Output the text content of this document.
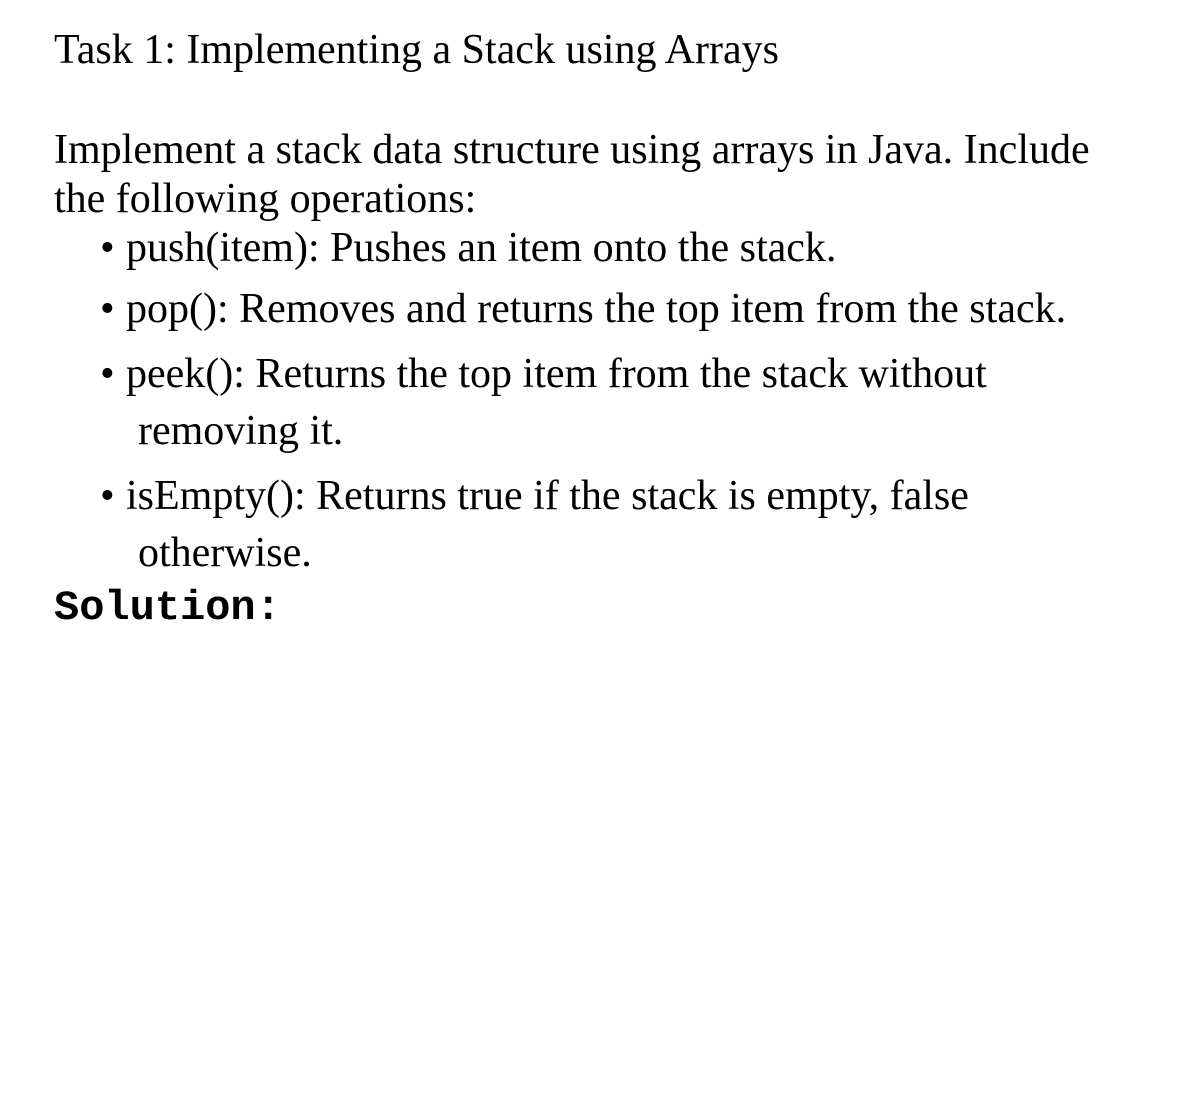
Task 1: Implementing a Stack using Arrays

Implement a stack data structure using arrays in Java. Include
the following operations:

• push(item): Pushes an item onto the stack.
• pop(): Removes and returns the top item from the stack.
• peek(): Returns the top item from the stack without
removing it.
• isEmpty(): Returns true if the stack is empty, false
otherwise.
Solution:
